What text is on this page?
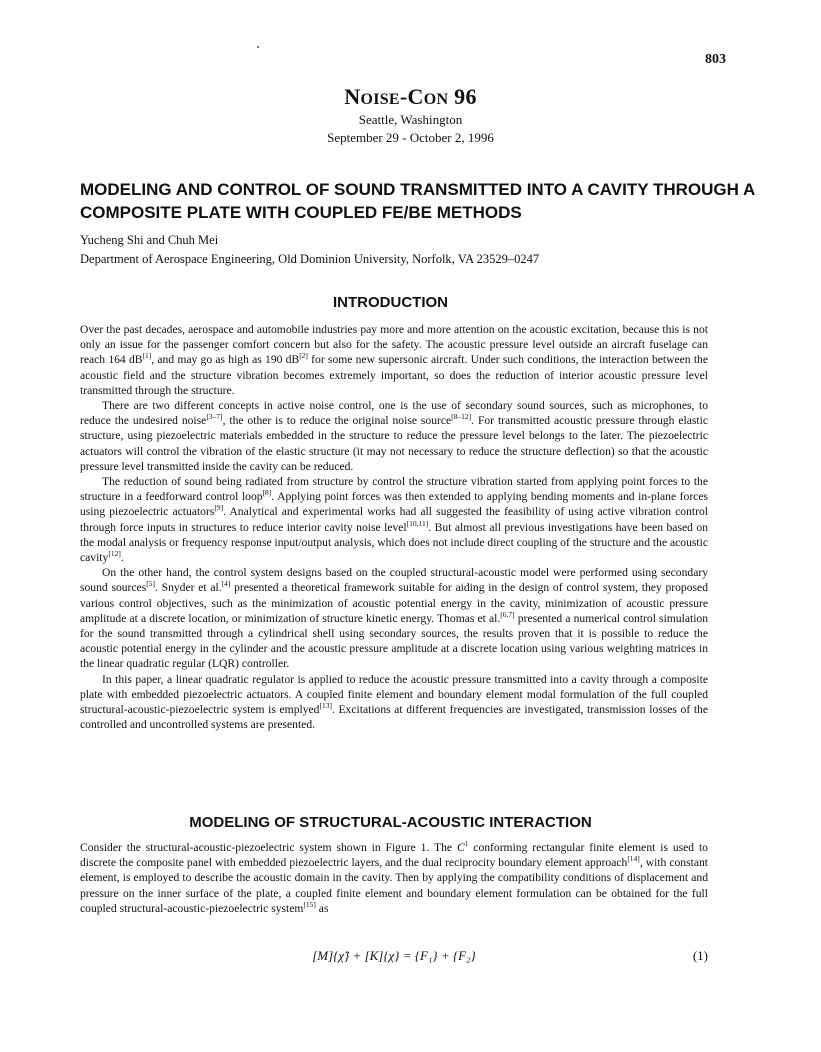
803
NOISE-CON 96
Seattle, Washington
September 29 - October 2, 1996
MODELING AND CONTROL OF SOUND TRANSMITTED INTO A CAVITY THROUGH A COMPOSITE PLATE WITH COUPLED FE/BE METHODS
Yucheng Shi and Chuh Mei
Department of Aerospace Engineering, Old Dominion University, Norfolk, VA 23529–0247
INTRODUCTION

Over the past decades, aerospace and automobile industries pay more and more attention on the acoustic excitation, because this is not only an issue for the passenger comfort concern but also for the safety. The acoustic pressure level outside an aircraft fuselage can reach 164 dB[1], and may go as high as 190 dB[2] for some new supersonic aircraft. Under such conditions, the interaction between the acoustic field and the structure vibration becomes extremely important, so does the reduction of interior acoustic pressure level transmitted through the structure.

There are two different concepts in active noise control, one is the use of secondary sound sources, such as microphones, to reduce the undesired noise[3–7], the other is to reduce the original noise source[8–12]. For transmitted acoustic pressure through elastic structure, using piezoelectric materials embedded in the structure to reduce the pressure level belongs to the later. The piezoelectric actuators will control the vibration of the elastic structure (it may not necessary to reduce the structure deflection) so that the acoustic pressure level transmitted inside the cavity can be reduced.

The reduction of sound being radiated from structure by control the structure vibration started from applying point forces to the structure in a feedforward control loop[8]. Applying point forces was then extended to applying bending moments and in-plane forces using piezoelectric actuators[9]. Analytical and experimental works had all suggested the feasibility of using active vibration control through force inputs in structures to reduce interior cavity noise level[10,11]. But almost all previous investigations have been based on the modal analysis or frequency response input/output analysis, which does not include direct coupling of the structure and the acoustic cavity[12].

On the other hand, the control system designs based on the coupled structural-acoustic model were performed using secondary sound sources[5]. Snyder et al.[4] presented a theoretical framework suitable for aiding in the design of control system, they proposed various control objectives, such as the minimization of acoustic potential energy in the cavity, minimization of acoustic pressure amplitude at a discrete location, or minimization of structure kinetic energy. Thomas et al.[6,7] presented a numerical control simulation for the sound transmitted through a cylindrical shell using secondary sources, the results proven that it is possible to reduce the acoustic potential energy in the cylinder and the acoustic pressure amplitude at a discrete location using various weighting matrices in the linear quadratic regular (LQR) controller.

In this paper, a linear quadratic regulator is applied to reduce the acoustic pressure transmitted into a cavity through a composite plate with embedded piezoelectric actuators. A coupled finite element and boundary element modal formulation of the full coupled structural-acoustic-piezoelectric system is emplyed[13]. Excitations at different frequencies are investigated, transmission losses of the controlled and uncontrolled systems are presented.

MODELING OF STRUCTURAL-ACOUSTIC INTERACTION

Consider the structural-acoustic-piezoelectric system shown in Figure 1. The $C^1$ conforming rectangular finite element is used to discrete the composite panel with embedded piezoelectric layers, and the dual reciprocity boundary element approach[14], with constant element, is employed to describe the acoustic domain in the cavity. Then by applying the compatibility conditions of displacement and pressure on the inner surface of the plate, a coupled finite element and boundary element formulation can be obtained for the full coupled structural-acoustic-piezoelectric system[15] as

[M]{χ̈} + [K]{χ} = {F₁} + {F₂}	(1)
